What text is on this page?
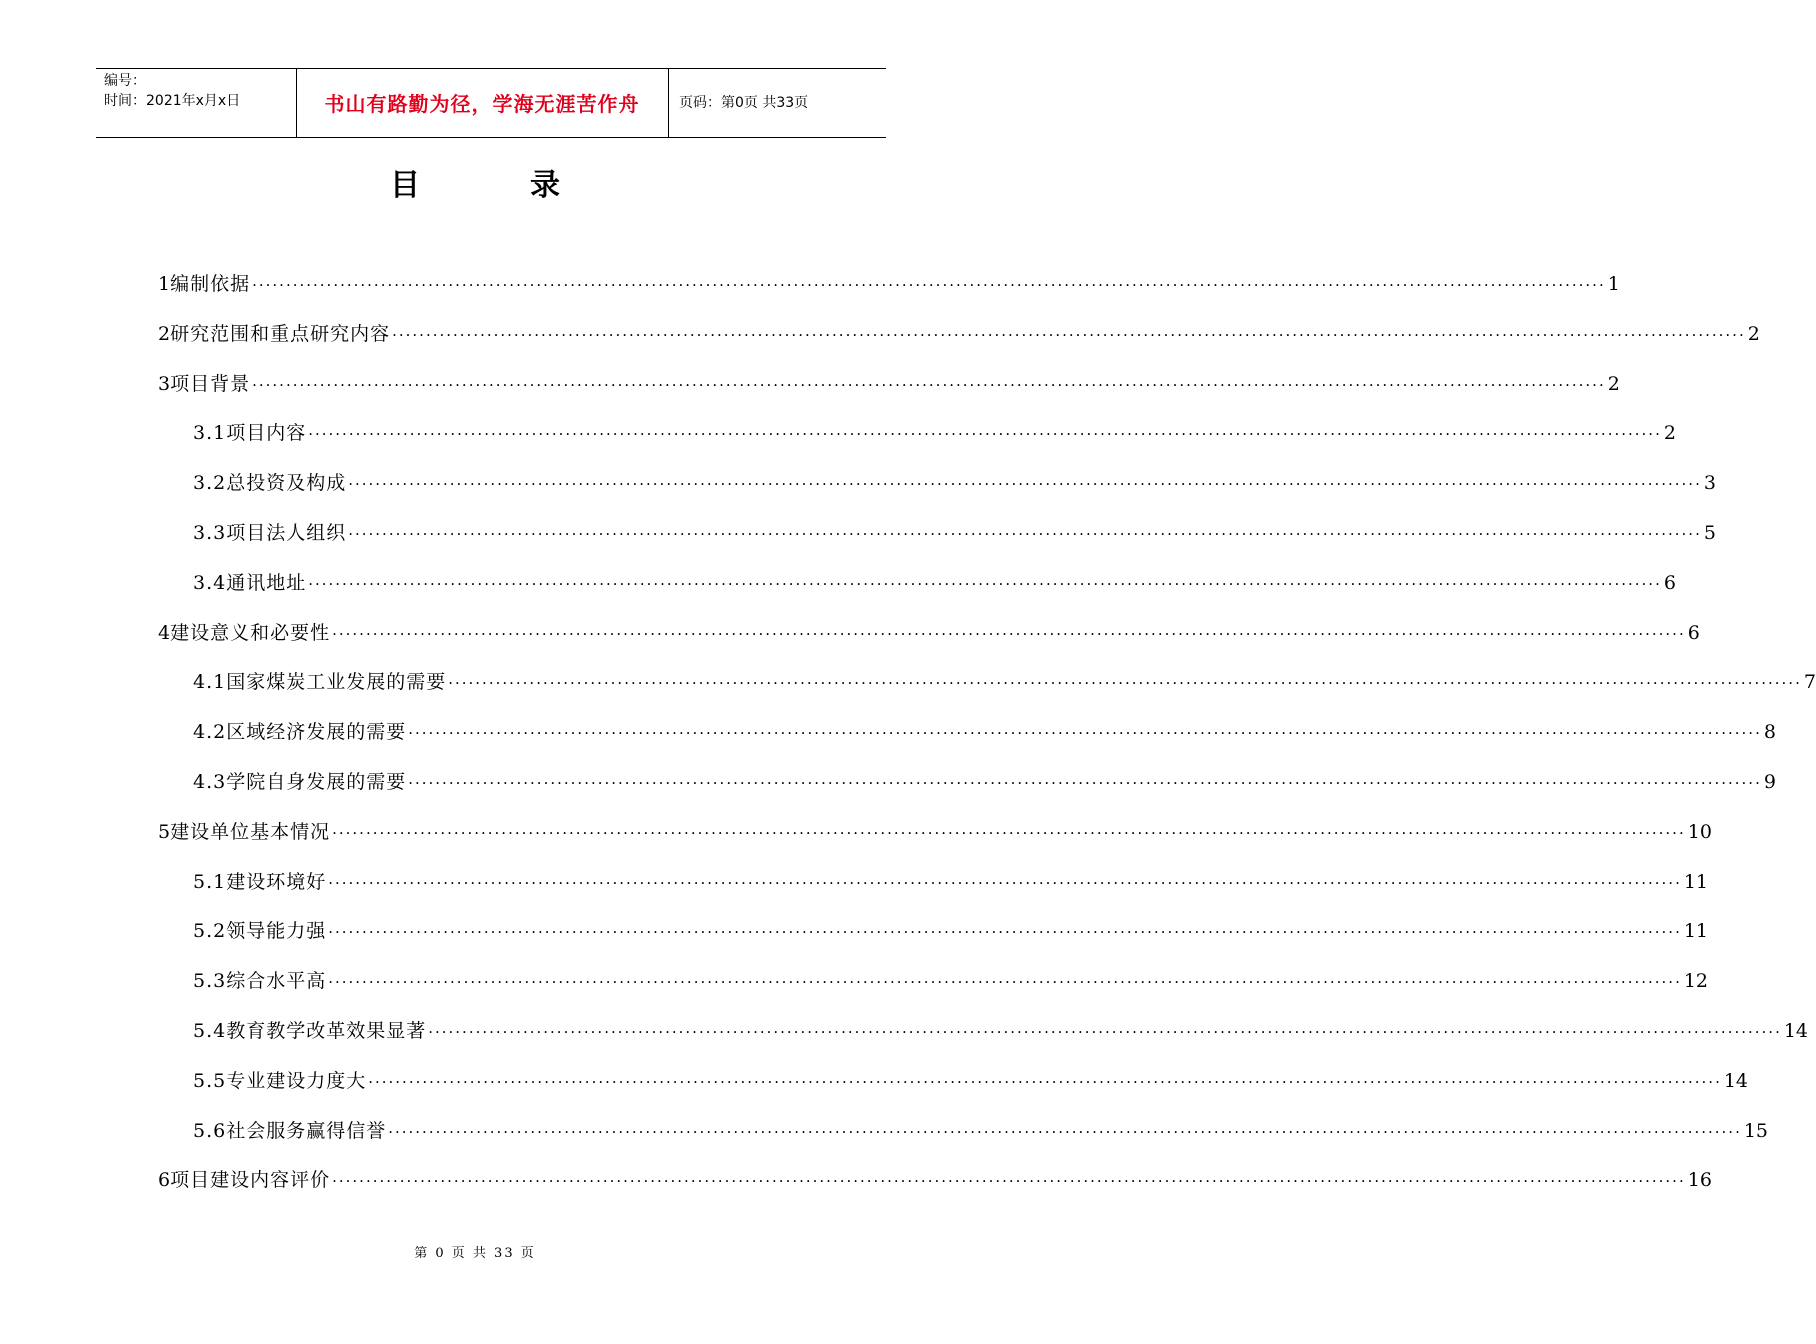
编号：
时间：2021年x月x日	书山有路勤为径，学海无涯苦作舟	页码：第0页 共33页
目	录
1 编制依据 ········································································································································································································ 1
2 研究范围和重点研究内容 ········································································································································································································ 2
3 项目背景 ········································································································································································································ 2
3.1项目内容 ········································································································································································································ 2
3.2总投资及构成 ········································································································································································································ 3
3.3项目法人组织 ········································································································································································································ 5
3.4通讯地址 ········································································································································································································ 6
4 建设意义和必要性 ········································································································································································································ 6
4.1国家煤炭工业发展的需要 ········································································································································································································ 7
4.2区域经济发展的需要 ········································································································································································································ 8
4.3学院自身发展的需要 ········································································································································································································ 9
5 建设单位基本情况 ········································································································································································································ 10
5.1建设环境好 ········································································································································································································ 11
5.2领导能力强 ········································································································································································································ 11
5.3综合水平高 ········································································································································································································ 12
5.4教育教学改革效果显著 ········································································································································································································ 14
5.5专业建设力度大 ········································································································································································································ 14
5.6社会服务赢得信誉 ········································································································································································································ 15
6 项目建设内容评价 ········································································································································································································ 16
第 0 页 共 33 页
